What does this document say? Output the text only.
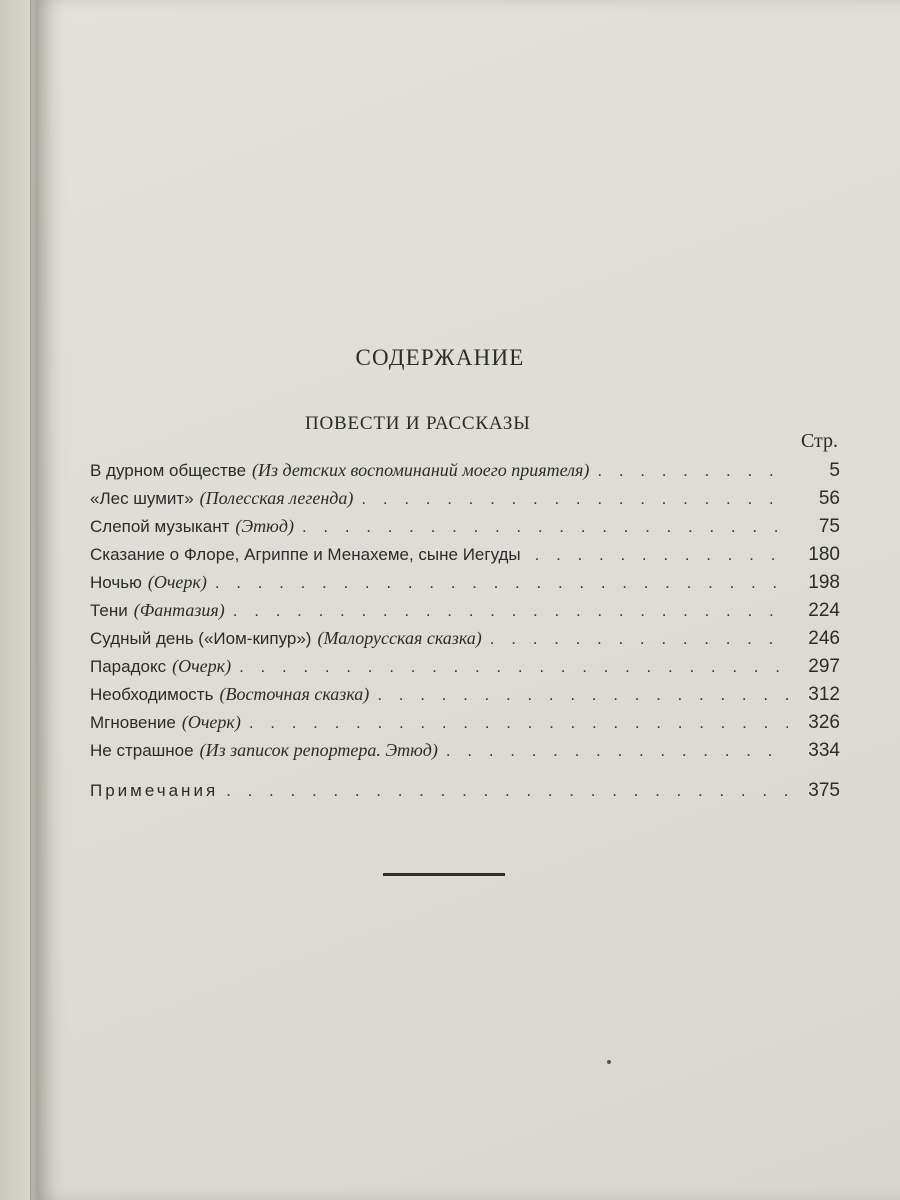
СОДЕРЖАНИЕ
ПОВЕСТИ И РАССКАЗЫ
Стр.
В дурном обществе (Из детских воспоминаний моего приятеля) . . .	5
«Лес шумит» (Полесская легенда) . . .	56
Слепой музыкант (Этюд) . . .	75
Сказание о Флоре, Агриппе и Менахеме, сыне Иегуды . . .	180
Ночью (Очерк) . . .	198
Тени (Фантазия) . . .	224
Судный день («Иом-кипур») (Малорусская сказка) . . .	246
Парадокс (Очерк) . . .	297
Необходимость (Восточная сказка) . . .	312
Мгновение (Очерк) . . .	326
Не страшное (Из записок репортера. Этюд) . . .	334
Примечания . . .	375
